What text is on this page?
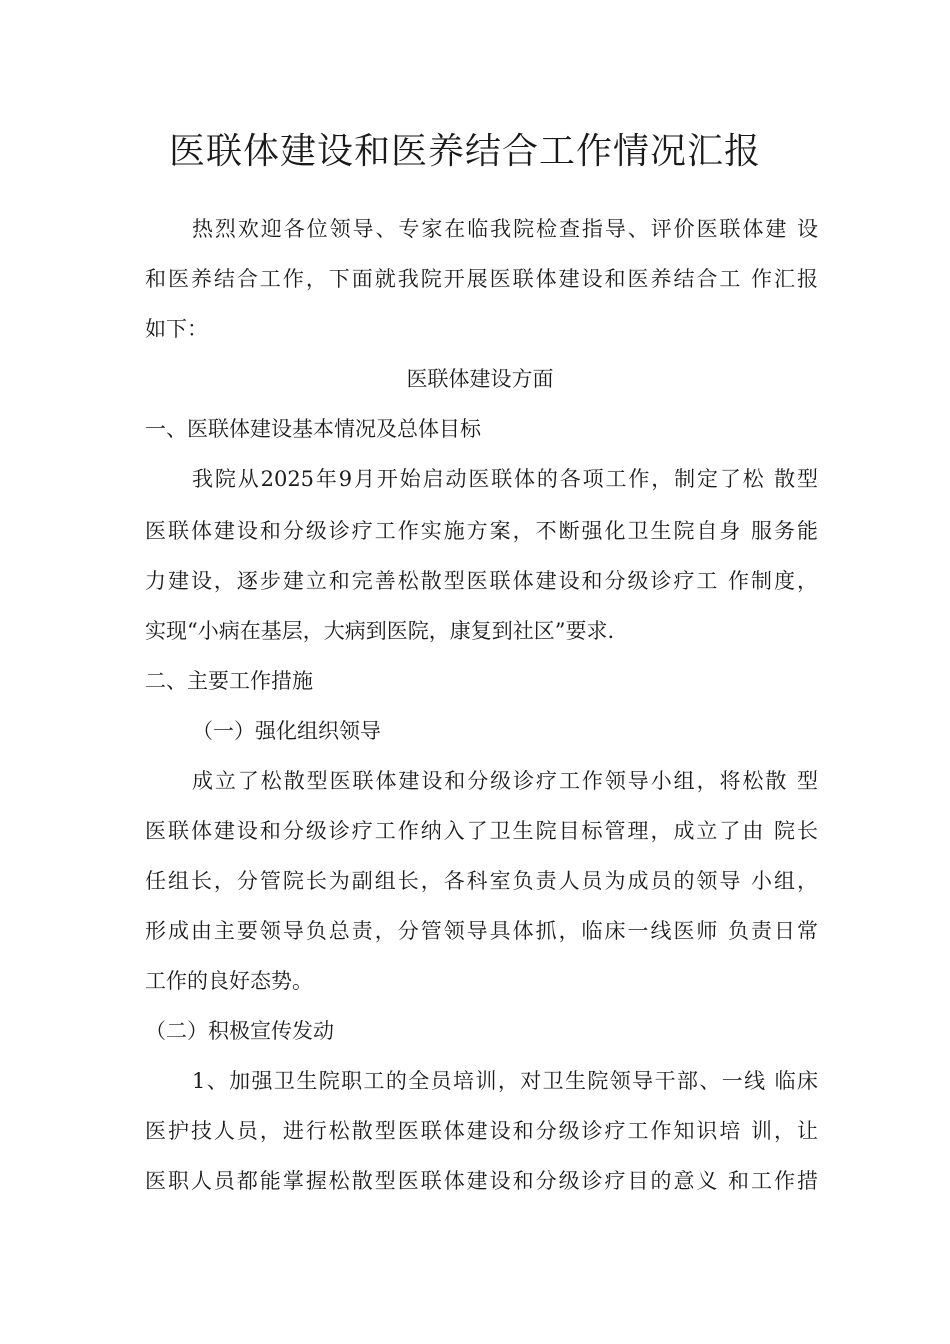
医联体建设和医养结合工作情况汇报
热烈欢迎各位领导、专家在临我院检查指导、评价医联体建 设
和医养结合工作，下面就我院开展医联体建设和医养结合工 作汇报
如下：
医联体建设方面
一、医联体建设基本情况及总体目标
我院从2025年9月开始启动医联体的各项工作，制定了松 散型
医联体建设和分级诊疗工作实施方案，不断强化卫生院自身 服务能
力建设，逐步建立和完善松散型医联体建设和分级诊疗工 作制度，
实现“小病在基层，大病到医院，康复到社区”要求.
二、主要工作措施
（一）强化组织领导
成立了松散型医联体建设和分级诊疗工作领导小组，将松散 型
医联体建设和分级诊疗工作纳入了卫生院目标管理，成立了由 院长
任组长，分管院长为副组长，各科室负责人员为成员的领导 小组，
形成由主要领导负总责，分管领导具体抓，临床一线医师 负责日常
工作的良好态势。
（二）积极宣传发动
1、加强卫生院职工的全员培训，对卫生院领导干部、一线 临床
医护技人员，进行松散型医联体建设和分级诊疗工作知识培 训，让
医职人员都能掌握松散型医联体建设和分级诊疗目的意义 和工作措
